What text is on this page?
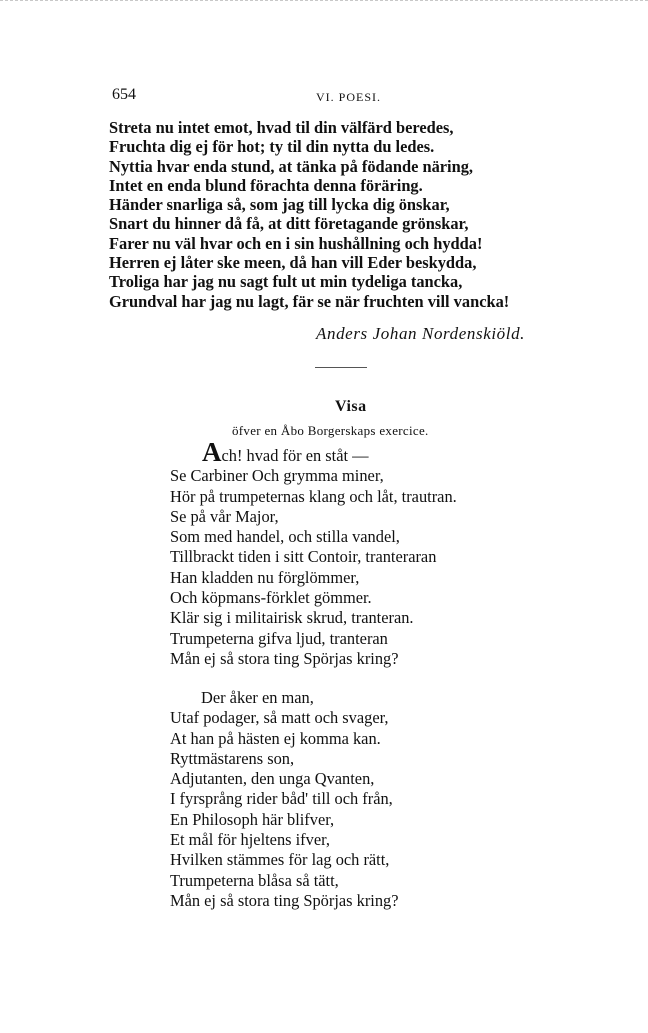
654	VI. POESI.
Streta nu intet emot, hvad til din välfärd beredes,
Fruchta dig ej för hot; ty til din nytta du ledes.
Nyttia hvar enda stund, at tänka på födande näring,
Intet en enda blund förachta denna föräring.
Händer snarliga så, som jag till lycka dig önskar,
Snart du hinner då få, at ditt företagande grönskar,
Farer nu väl hvar och en i sin hushållning och hydda!
Herren ej låter ske meen, då han vill Eder beskydda,
Troliga har jag nu sagt fult ut min tydeliga tancka,
Grundval har jag nu lagt, fär se när fruchten vill vancka!
Anders Johan Nordenskiöld.
Visa
öfver en Åbo Borgerskaps exercice.
Ach! hvad för en ståt —
Se Carbiner Och grymma miner,
Hör på trumpeternas klang och låt, trautran.
Se på vår Major,
Som med handel, och stilla vandel,
Tillbrackt tiden i sitt Contoir, tranteraran
Han kladden nu förglömmer,
Och köpmans-förklet gömmer.
Klär sig i militairisk skrud, tranteran.
Trumpeterna gifva ljud, tranteran
Mån ej så stora ting Spörjas kring?
Der åker en man,
Utaf podager, så matt och svager,
At han på hästen ej komma kan.
Ryttmästarens son,
Adjutanten, den unga Qvanten,
I fyrsprång rider båd' till och från,
En Philosoph här blifver,
Et mål för hjeltens ifver,
Hvilken stämmes för lag och rätt,
Trumpeterna blåsa så tätt,
Mån ej så stora ting Spörjas kring?
